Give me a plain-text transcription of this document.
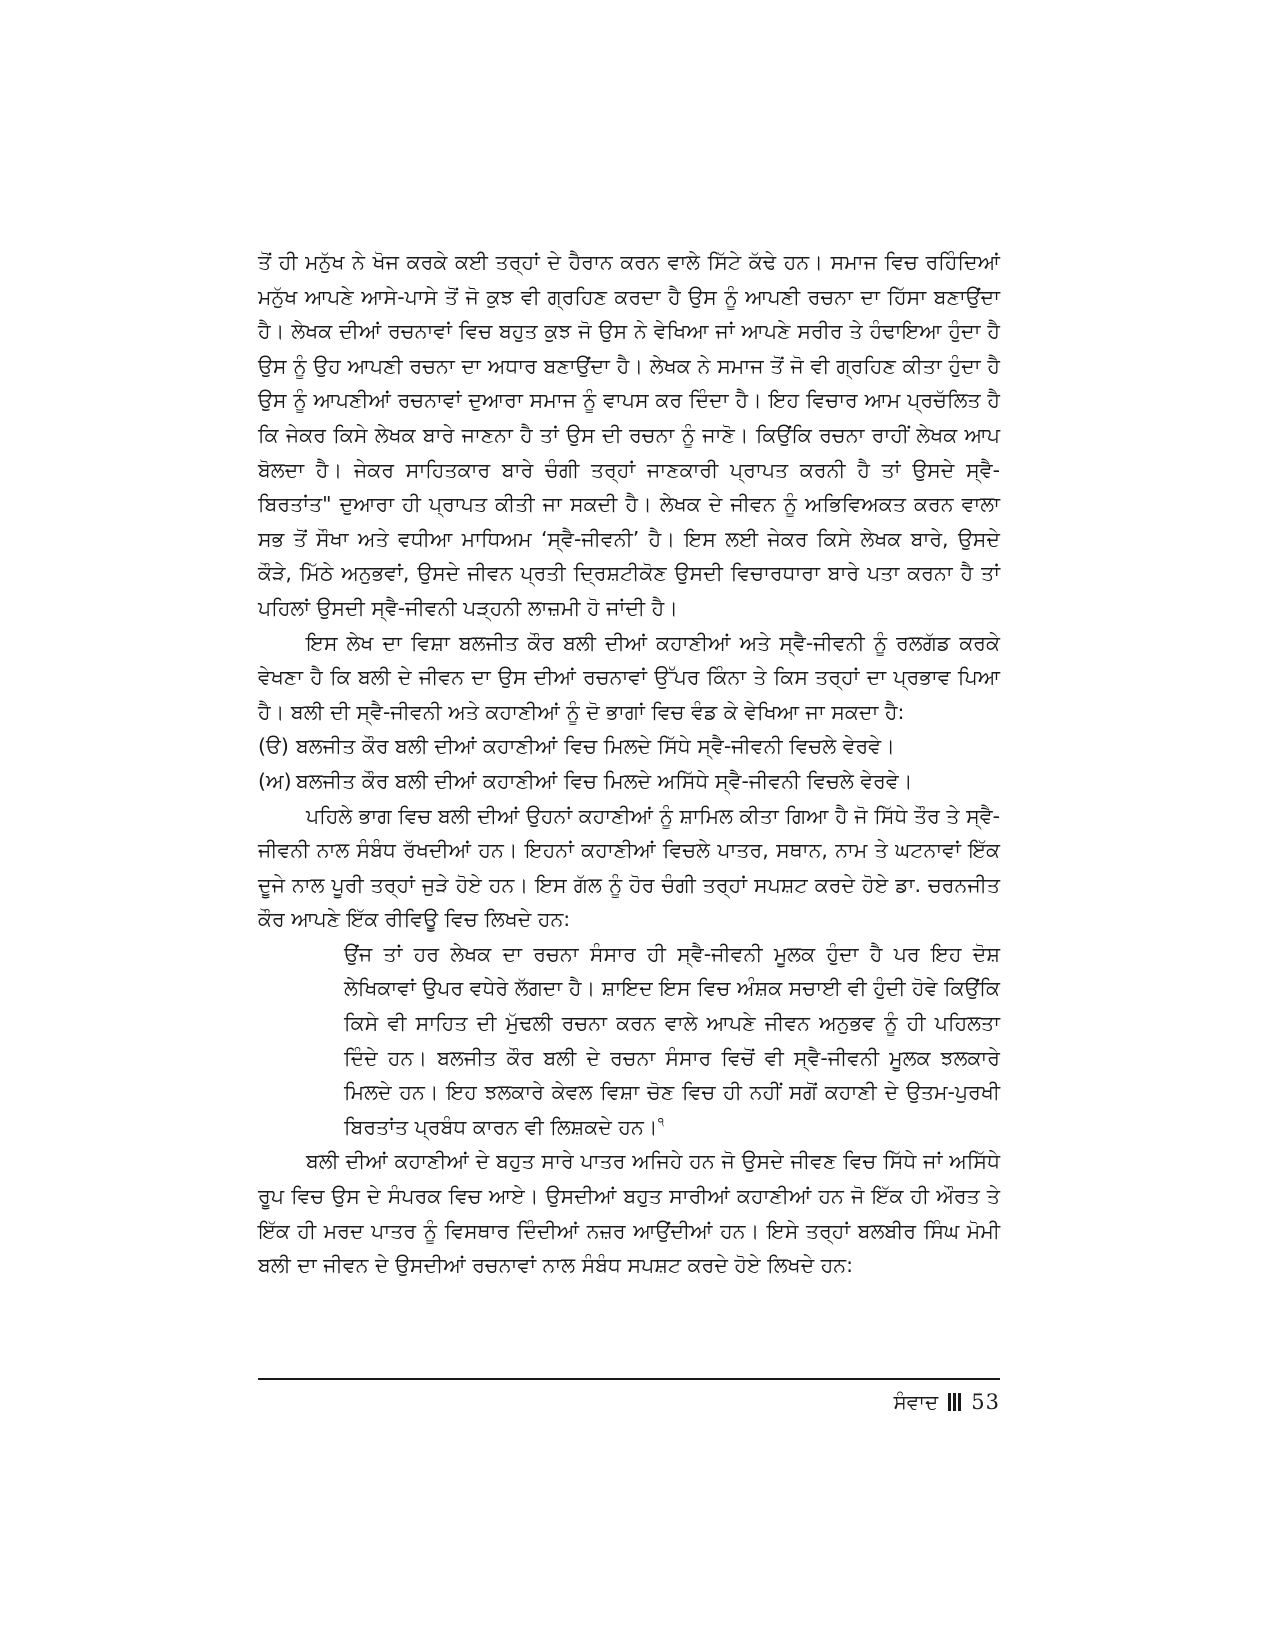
ਤੋਂ ਹੀ ਮਨੁੱਖ ਨੇ ਖੋਜ ਕਰਕੇ ਕਈ ਤਰ੍ਹਾਂ ਦੇ ਹੈਰਾਨ ਕਰਨ ਵਾਲੇ ਸਿੱਟੇ ਕੱਢੇ ਹਨ। ਸਮਾਜ ਵਿਚ ਰਹਿੰਦਿਆਂ ਮਨੁੱਖ ਆਪਣੇ ਆਸੇ-ਪਾਸੇ ਤੋਂ ਜੋ ਕੁਝ ਵੀ ਗ੍ਰਹਿਣ ਕਰਦਾ ਹੈ ਉਸ ਨੂੰ ਆਪਣੀ ਰਚਨਾ ਦਾ ਹਿੱਸਾ ਬਣਾਉਂਦਾ ਹੈ। ਲੇਖਕ ਦੀਆਂ ਰਚਨਾਵਾਂ ਵਿਚ ਬਹੁਤ ਕੁਝ ਜੋ ਉਸ ਨੇ ਵੇਖਿਆ ਜਾਂ ਆਪਣੇ ਸਰੀਰ ਤੇ ਹੰਢਾਇਆ ਹੁੰਦਾ ਹੈ ਉਸ ਨੂੰ ਉਹ ਆਪਣੀ ਰਚਨਾ ਦਾ ਅਧਾਰ ਬਣਾਉਂਦਾ ਹੈ। ਲੇਖਕ ਨੇ ਸਮਾਜ ਤੋਂ ਜੋ ਵੀ ਗ੍ਰਹਿਣ ਕੀਤਾ ਹੁੰਦਾ ਹੈ ਉਸ ਨੂੰ ਆਪਣੀਆਂ ਰਚਨਾਵਾਂ ਦੁਆਰਾ ਸਮਾਜ ਨੂੰ ਵਾਪਸ ਕਰ ਦਿੰਦਾ ਹੈ। ਇਹ ਵਿਚਾਰ ਆਮ ਪ੍ਰਚੱਲਿਤ ਹੈ ਕਿ ਜੇਕਰ ਕਿਸੇ ਲੇਖਕ ਬਾਰੇ ਜਾਣਨਾ ਹੈ ਤਾਂ ਉਸ ਦੀ ਰਚਨਾ ਨੂੰ ਜਾਣੋ। ਕਿਉਂਕਿ ਰਚਨਾ ਰਾਹੀਂ ਲੇਖਕ ਆਪ ਬੋਲਦਾ ਹੈ। ਜੇਕਰ ਸਾਹਿਤਕਾਰ ਬਾਰੇ ਚੰਗੀ ਤਰ੍ਹਾਂ ਜਾਣਕਾਰੀ ਪ੍ਰਾਪਤ ਕਰਨੀ ਹੈ ਤਾਂ ਉਸਦੇ ਸ੍ਵੈ-ਬਿਰਤਾਂਤ" ਦੁਆਰਾ ਹੀ ਪ੍ਰਾਪਤ ਕੀਤੀ ਜਾ ਸਕਦੀ ਹੈ। ਲੇਖਕ ਦੇ ਜੀਵਨ ਨੂੰ ਅਭਿਵਿਅਕਤ ਕਰਨ ਵਾਲਾ ਸਭ ਤੋਂ ਸੌਖਾ ਅਤੇ ਵਧੀਆ ਮਾਧਿਅਮ ‘ਸ੍ਵੈ-ਜੀਵਨੀ’ ਹੈ। ਇਸ ਲਈ ਜੇਕਰ ਕਿਸੇ ਲੇਖਕ ਬਾਰੇ, ਉਸਦੇ ਕੌੜੇ, ਮਿੱਠੇ ਅਨੁਭਵਾਂ, ਉਸਦੇ ਜੀਵਨ ਪ੍ਰਤੀ ਦ੍ਰਿਸ਼ਟੀਕੋਣ ਉਸਦੀ ਵਿਚਾਰਧਾਰਾ ਬਾਰੇ ਪਤਾ ਕਰਨਾ ਹੈ ਤਾਂ ਪਹਿਲਾਂ ਉਸਦੀ ਸ੍ਵੈ-ਜੀਵਨੀ ਪੜ੍ਹਨੀ ਲਾਜ਼ਮੀ ਹੋ ਜਾਂਦੀ ਹੈ।

ਇਸ ਲੇਖ ਦਾ ਵਿਸ਼ਾ ਬਲਜੀਤ ਕੌਰ ਬਲੀ ਦੀਆਂ ਕਹਾਣੀਆਂ ਅਤੇ ਸ੍ਵੈ-ਜੀਵਨੀ ਨੂੰ ਰਲਗੱਡ ਕਰਕੇ ਵੇਖਣਾ ਹੈ ਕਿ ਬਲੀ ਦੇ ਜੀਵਨ ਦਾ ਉਸ ਦੀਆਂ ਰਚਨਾਵਾਂ ਉੱਪਰ ਕਿੰਨਾ ਤੇ ਕਿਸ ਤਰ੍ਹਾਂ ਦਾ ਪ੍ਰਭਾਵ ਪਿਆ ਹੈ। ਬਲੀ ਦੀ ਸ੍ਵੈ-ਜੀਵਨੀ ਅਤੇ ਕਹਾਣੀਆਂ ਨੂੰ ਦੋ ਭਾਗਾਂ ਵਿਚ ਵੰਡ ਕੇ ਵੇਖਿਆ ਜਾ ਸਕਦਾ ਹੈ:

(ੳ) ਬਲਜੀਤ ਕੌਰ ਬਲੀ ਦੀਆਂ ਕਹਾਣੀਆਂ ਵਿਚ ਮਿਲਦੇ ਸਿੱਧੇ ਸ੍ਵੈ-ਜੀਵਨੀ ਵਿਚਲੇ ਵੇਰਵੇ।
(ਅ) ਬਲਜੀਤ ਕੌਰ ਬਲੀ ਦੀਆਂ ਕਹਾਣੀਆਂ ਵਿਚ ਮਿਲਦੇ ਅਸਿੱਧੇ ਸ੍ਵੈ-ਜੀਵਨੀ ਵਿਚਲੇ ਵੇਰਵੇ।

ਪਹਿਲੇ ਭਾਗ ਵਿਚ ਬਲੀ ਦੀਆਂ ਉਹਨਾਂ ਕਹਾਣੀਆਂ ਨੂੰ ਸ਼ਾਮਿਲ ਕੀਤਾ ਗਿਆ ਹੈ ਜੋ ਸਿੱਧੇ ਤੌਰ ਤੇ ਸ੍ਵੈ-ਜੀਵਨੀ ਨਾਲ ਸੰਬੰਧ ਰੱਖਦੀਆਂ ਹਨ। ਇਹਨਾਂ ਕਹਾਣੀਆਂ ਵਿਚਲੇ ਪਾਤਰ, ਸਥਾਨ, ਨਾਮ ਤੇ ਘਟਨਾਵਾਂ ਇੱਕ ਦੂਜੇ ਨਾਲ ਪੂਰੀ ਤਰ੍ਹਾਂ ਜੁੜੇ ਹੋਏ ਹਨ। ਇਸ ਗੱਲ ਨੂੰ ਹੋਰ ਚੰਗੀ ਤਰ੍ਹਾਂ ਸਪਸ਼ਟ ਕਰਦੇ ਹੋਏ ਡਾ. ਚਰਨਜੀਤ ਕੌਰ ਆਪਣੇ ਇੱਕ ਰੀਵਿਊ ਵਿਚ ਲਿਖਦੇ ਹਨ:

ਉਂਜ ਤਾਂ ਹਰ ਲੇਖਕ ਦਾ ਰਚਨਾ ਸੰਸਾਰ ਹੀ ਸ੍ਵੈ-ਜੀਵਨੀ ਮੂਲਕ ਹੁੰਦਾ ਹੈ ਪਰ ਇਹ ਦੋਸ਼ ਲੇਖਿਕਾਵਾਂ ਉਪਰ ਵਧੇਰੇ ਲੱਗਦਾ ਹੈ। ਸ਼ਾਇਦ ਇਸ ਵਿਚ ਅੰਸ਼ਕ ਸਚਾਈ ਵੀ ਹੁੰਦੀ ਹੋਵੇ ਕਿਉਂਕਿ ਕਿਸੇ ਵੀ ਸਾਹਿਤ ਦੀ ਮੁੱਢਲੀ ਰਚਨਾ ਕਰਨ ਵਾਲੇ ਆਪਣੇ ਜੀਵਨ ਅਨੁਭਵ ਨੂੰ ਹੀ ਪਹਿਲਤਾ ਦਿੰਦੇ ਹਨ। ਬਲਜੀਤ ਕੌਰ ਬਲੀ ਦੇ ਰਚਨਾ ਸੰਸਾਰ ਵਿਚੋਂ ਵੀ ਸ੍ਵੈ-ਜੀਵਨੀ ਮੂਲਕ ਝਲਕਾਰੇ ਮਿਲਦੇ ਹਨ। ਇਹ ਝਲਕਾਰੇ ਕੇਵਲ ਵਿਸ਼ਾ ਚੋਣ ਵਿਚ ਹੀ ਨਹੀਂ ਸਗੋਂ ਕਹਾਣੀ ਦੇ ਉਤਮ-ਪੁਰਖੀ ਬਿਰਤਾਂਤ ਪ੍ਰਬੰਧ ਕਾਰਨ ਵੀ ਲਿਸ਼ਕਦੇ ਹਨ।$^੧$

ਬਲੀ ਦੀਆਂ ਕਹਾਣੀਆਂ ਦੇ ਬਹੁਤ ਸਾਰੇ ਪਾਤਰ ਅਜਿਹੇ ਹਨ ਜੋ ਉਸਦੇ ਜੀਵਣ ਵਿਚ ਸਿੱਧੇ ਜਾਂ ਅਸਿੱਧੇ ਰੂਪ ਵਿਚ ਉਸ ਦੇ ਸੰਪਰਕ ਵਿਚ ਆਏ। ਉਸਦੀਆਂ ਬਹੁਤ ਸਾਰੀਆਂ ਕਹਾਣੀਆਂ ਹਨ ਜੋ ਇੱਕ ਹੀ ਔਰਤ ਤੇ ਇੱਕ ਹੀ ਮਰਦ ਪਾਤਰ ਨੂੰ ਵਿਸਥਾਰ ਦਿੰਦੀਆਂ ਨਜ਼ਰ ਆਉਂਦੀਆਂ ਹਨ। ਇਸੇ ਤਰ੍ਹਾਂ ਬਲਬੀਰ ਸਿੰਘ ਮੋਮੀ ਬਲੀ ਦਾ ਜੀਵਨ ਦੇ ਉਸਦੀਆਂ ਰਚਨਾਵਾਂ ਨਾਲ ਸੰਬੰਧ ਸਪਸ਼ਟ ਕਰਦੇ ਹੋਏ ਲਿਖਦੇ ਹਨ:

ਸੰਵਾਦ 53
